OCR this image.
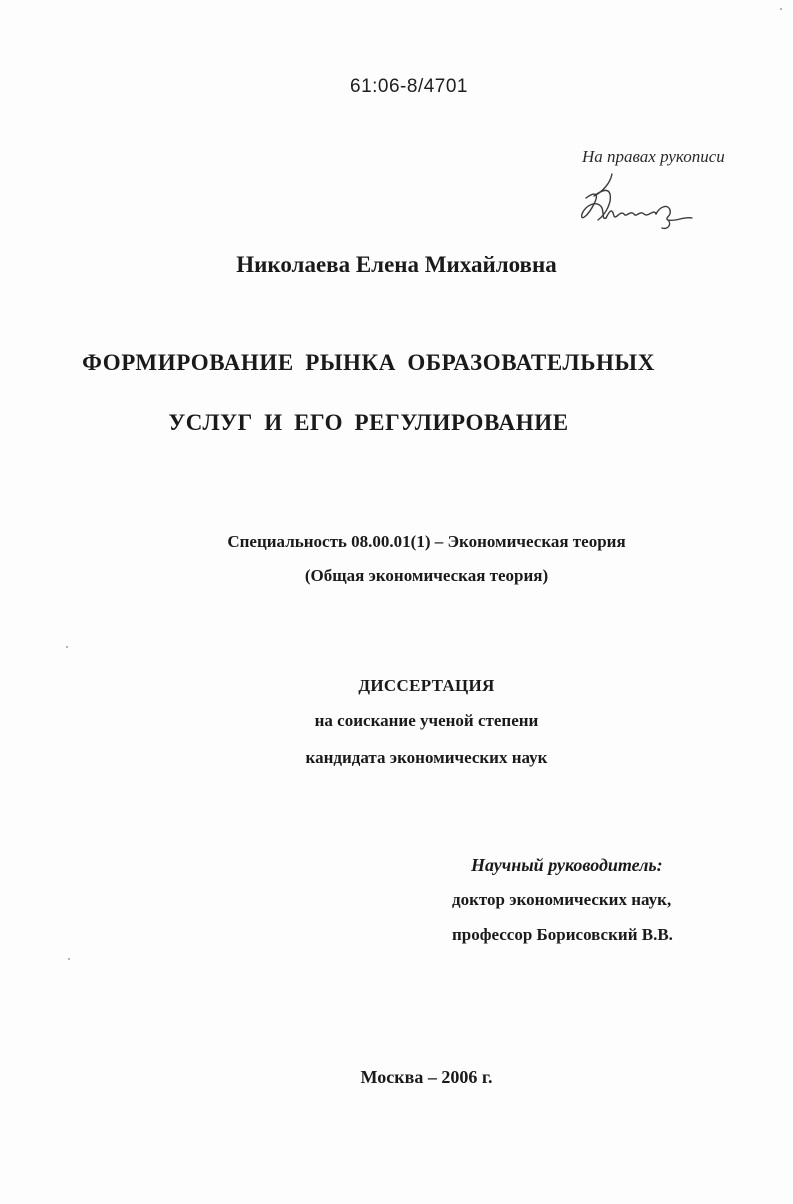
61:06-8/4701
На правах рукописи
Николаева Елена Михайловна
ФОРМИРОВАНИЕ РЫНКА ОБРАЗОВАТЕЛЬНЫХ
УСЛУГ И ЕГО РЕГУЛИРОВАНИЕ
Специальность 08.00.01(1) – Экономическая теория
(Общая экономическая теория)
ДИССЕРТАЦИЯ
на соискание ученой степени
кандидата экономических наук
Научный руководитель:
доктор экономических наук,
профессор Борисовский В.В.
Москва – 2006 г.
